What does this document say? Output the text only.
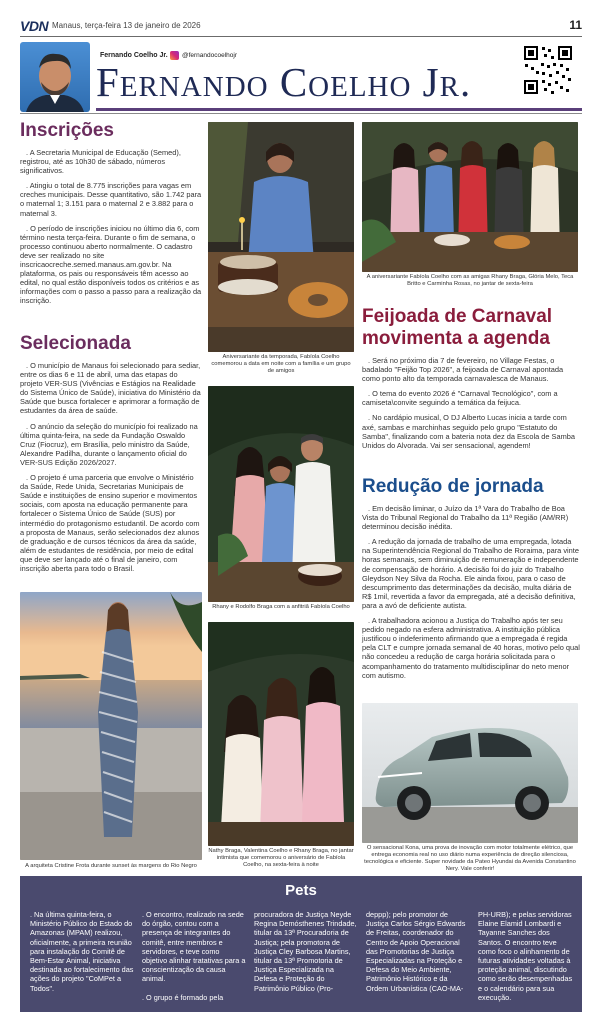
VDN Manaus, terça-feira 13 de janeiro de 2026	11
Fernando Coelho Jr. @fernandocoelhojr
Fernando Coelho Jr.
Inscrições

. A Secretaria Municipal de Educação (Semed), registrou, até as 10h30 de sábado, números significativos.

. Atingiu o total de 8.775 inscrições para vagas em creches municipais. Desse quantitativo, são 1.742 para o maternal 1; 3.151 para o maternal 2 e 3.882 para o maternal 3.

. O período de inscrições iniciou no último dia 6, com término nesta terça-feira. Durante o fim de semana, o processo continuou aberto normalmente. O cadastro deve ser realizado no site inscricaocreche.semed.manaus.am.gov.br. Na plataforma, os pais ou responsáveis têm acesso ao edital, no qual estão disponíveis todos os critérios e as informações com o passo a passo para a realização da inscrição.

Selecionada

. O município de Manaus foi selecionado para sediar, entre os dias 6 e 11 de abril, uma das etapas do projeto VER-SUS (Vivências e Estágios na Realidade do Sistema Único de Saúde), iniciativa do Ministério da Saúde que busca fortalecer e aprimorar a formação de estudantes da área de saúde.

. O anúncio da seleção do município foi realizado na última quinta-feira, na sede da Fundação Oswaldo Cruz (Fiocruz), em Brasília, pelo ministro da Saúde, Alexandre Padilha, durante o lançamento oficial do VER-SUS Edição 2026/2027.

. O projeto é uma parceria que envolve o Ministério da Saúde, Rede Unida, Secretarias Municipais de Saúde e instituições de ensino superior e movimentos sociais, com aposta na educação permanente para fortalecer o Sistema Único de Saúde (SUS) por intermédio do protagonismo estudantil. De acordo com a proposta de Manaus, serão selecionados dez alunos de graduação e de cursos técnicos da área da saúde, além de estudantes de residência, por meio de edital que deve ser lançado até o final de janeiro, com inscrição aberta para todo o Brasil.

A arquiteta Cristine Frota durante sunset às margens do Rio Negro
Aniversariante da temporada, Fabíola Coelho comemorou a data em noite com a família e um grupo de amigos
Rhany e Rodolfo Braga com a anfitriã Fabíola Coelho
Nathy Braga, Valentina Coelho e Rhany Braga, no jantar intimista que comemorou o aniversário de Fabíola Coelho, na sexta-feira à noite
A aniversariante Fabíola Coelho com as amigas Rhany Braga, Glória Melo, Teca Britto e Carminha Rosas, no jantar de sexta-feira
Feijoada de Carnaval movimenta a agenda

. Será no próximo dia 7 de fevereiro, no Village Festas, o badalado "Feijão Top 2026", a feijoada de Carnaval apontada como ponto alto da temporada carnavalesca de Manaus.

. O tema do evento 2026 é "Carnaval Tecnológico", com a camiseta\convite seguindo a temática da feijuca.

. No cardápio musical, O DJ Alberto Lucas inicia a tarde com axé, sambas e marchinhas seguido pelo grupo "Estatuto do Samba", finalizando com a bateria nota dez da Escola de Samba Unidos do Alvorada. Vai ser sensacional, agendem!

Redução de jornada

. Em decisão liminar, o Juízo da 1ª Vara do Trabalho de Boa Vista do Tribunal Regional do Trabalho da 11ª Região (AM/RR) determinou decisão inédita.

. A redução da jornada de trabalho de uma empregada, lotada na Superintendência Regional do Trabalho de Roraima, para vinte horas semanais, sem diminuição de remuneração e independente de compensação de horário. A decisão foi do juiz do Trabalho Gleydson Ney Silva da Rocha. Ele ainda fixou, para o caso de descumprimento das determinações da decisão, multa diária de R$ 1mil, revertida a favor da empregada, até a decisão definitiva, para a avó de deficiente autista.

. A trabalhadora acionou a Justiça do Trabalho após ter seu pedido negado na esfera administrativa. A instituição pública justificou o indeferimento afirmando que a empregada é regida pela CLT e cumpre jornada semanal de 40 horas, motivo pelo qual não concedeu a redução de carga horária solicitada para o acompanhamento do tratamento multidisciplinar do neto menor com autismo.

O sensacional Kona, uma prova de inovação com motor totalmente elétrico, que entrega economia real no uso diário numa experiência de direção silenciosa, tecnológica e eficiente. Super novidade da Pateo Hyundai da Avenida Constantino Nery. Vale conferir!
Pets
. Na última quinta-feira, o Ministério Público do Estado do Amazonas (MPAM) realizou, oficialmente, a primeira reunião para instalação do Comitê de Bem-Estar Animal, iniciativa destinada ao fortalecimento das ações do projeto "CoMPet a Todos".
. O encontro, realizado na sede do órgão, contou com a presença de integrantes do comitê, entre membros e servidores, e teve como objetivo alinhar tratativas para a conscientização da causa animal.

. O grupo é formado pela
procuradora de Justiça Neyde Regina Demósthenes Trindade, titular da 13ª Procuradoria de Justiça; pela promotora de Justiça Cley Barbosa Martins, titular da 13ª Promotoria de Justiça Especializada na Defesa e Proteção do Patrimônio Público (Pro-
deppp); pelo promotor de Justiça Carlos Sérgio Edwards de Freitas, coordenador do Centro de Apoio Operacional das Promotorias de Justiça Especializadas na Proteção e Defesa do Meio Ambiente, Patrimônio Histórico e da Ordem Urbanística (CAO-MA-
PH-URB); e pelas servidoras Elaine Elamid Lombardi e Tayanne Sanches dos Santos. O encontro teve como foco o alinhamento de futuras atividades voltadas à proteção animal, discutindo como serão desempenhadas e o calendário para sua execução.
